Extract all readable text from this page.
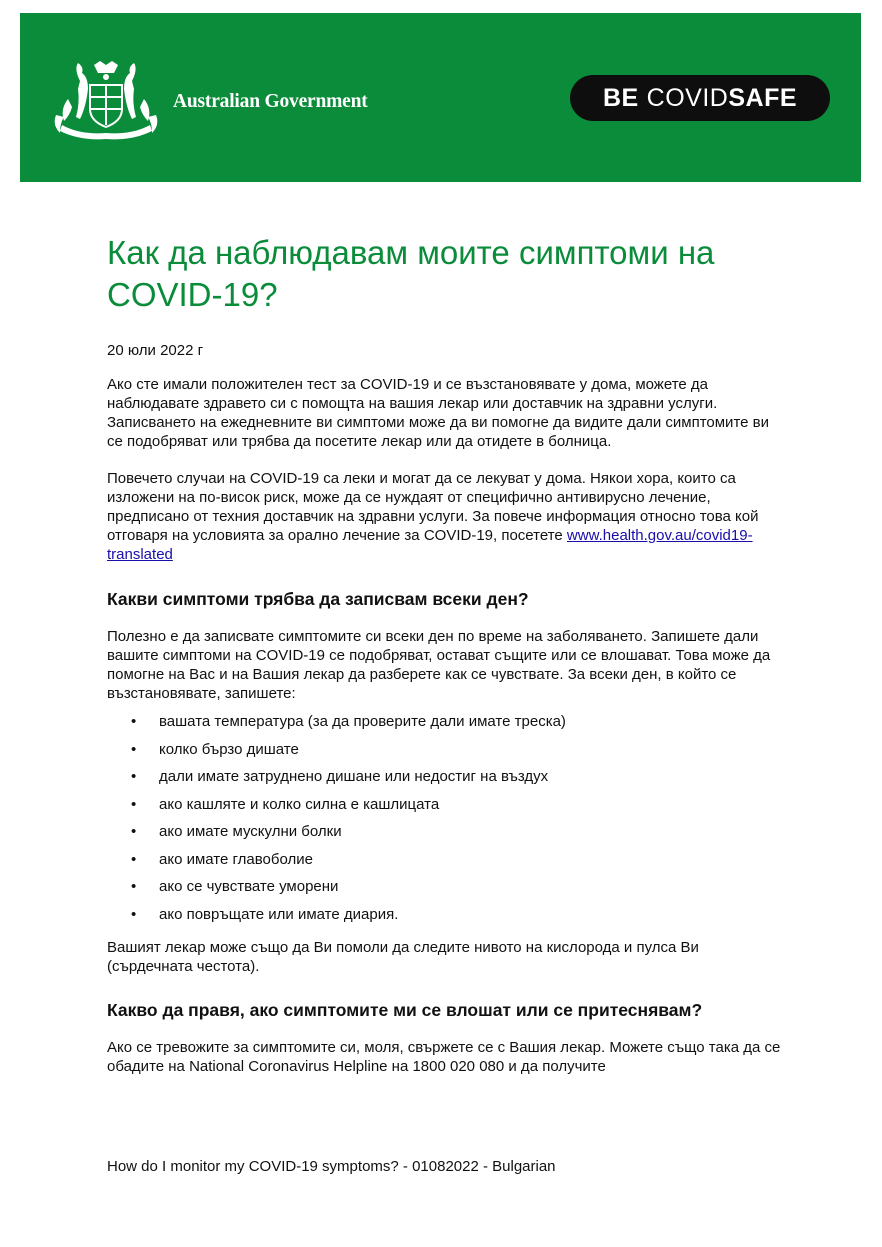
Australian Government	BE COVID SAFE
Как да наблюдавам моите симптоми на COVID-19?

20 юли 2022 г

Ако сте имали положителен тест за COVID-19 и се възстановявате у дома, можете да наблюдавате здравето си с помощта на вашия лекар или доставчик на здравни услуги. Записването на ежедневните ви симптоми може да ви помогне да видите дали симптомите ви се подобряват или трябва да посетите лекар или да отидете в болница.

Повечето случаи на COVID-19 са леки и могат да се лекуват у дома. Някои хора, които са изложени на по-висок риск, може да се нуждаят от специфично антивирусно лечение, предписано от техния доставчик на здравни услуги. За повече информация относно това кой отговаря на условията за орално лечение за COVID-19, посетете www.health.gov.au/covid19-translated

Какви симптоми трябва да записвам всеки ден?

Полезно е да записвате симптомите си всеки ден по време на заболяването. Запишете дали вашите симптоми на COVID-19 се подобряват, остават същите или се влошават. Това може да помогне на Вас и на Вашия лекар да разберете как се чувствате. За всеки ден, в който се възстановявате, запишете:

• вашата температура (за да проверите дали имате треска)
• колко бързо дишате
• дали имате затруднено дишане или недостиг на въздух
• ако кашляте и колко силна е кашлицата
• ако имате мускулни болки
• ако имате главоболие
• ако се чувствате уморени
• ако повръщате или имате диария.

Вашият лекар може също да Ви помоли да следите нивото на кислорода и пулса Ви (сърдечната честота).

Какво да правя, ако симптомите ми се влошат или се притеснявам?

Ако се тревожите за симптомите си, моля, свържете се с Вашия лекар. Можете също така да се обадите на National Coronavirus Helpline на 1800 020 080 и да получите

How do I monitor my COVID-19 symptoms? - 01082022 - Bulgarian
